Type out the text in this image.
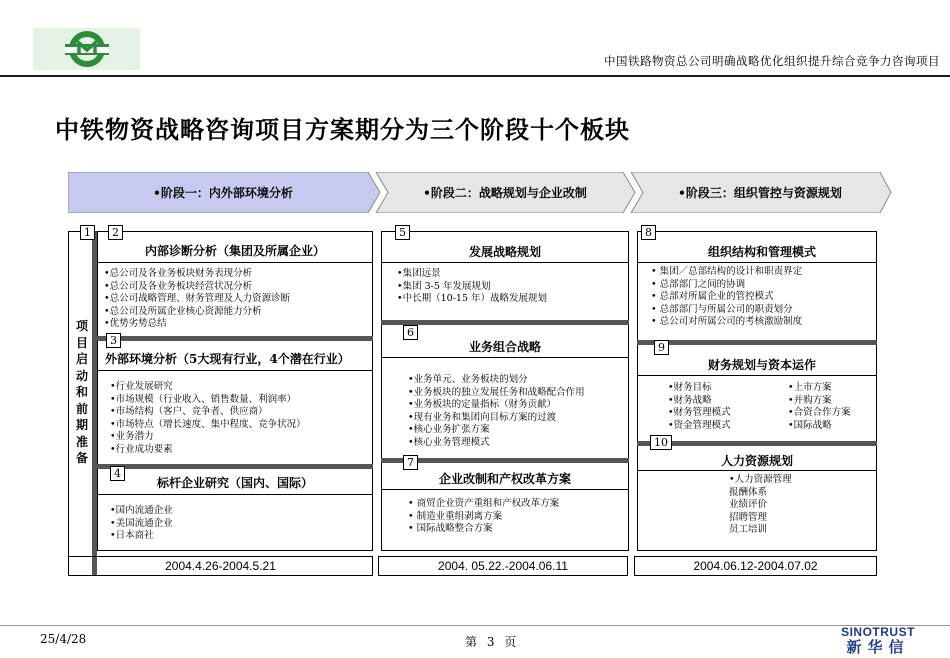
中国铁路物资总公司明确战略优化组织提升综合竞争力咨询项目
中铁物资战略咨询项目方案期分为三个阶段十个板块
•阶段一：内外部环境分析	•阶段二：战略规划与企业改制	•阶段三：组织管控与资源规划
1
项目启动和前期准备
2
内部诊断分析（集团及所属企业）
•总公司及各业务板块财务表现分析
•总公司及各业务板块经营状况分析
•总公司战略管理、财务管理及人力资源诊断
•总公司及所属企业核心资源能力分析
•优势劣势总结
3
外部环境分析（5大现有行业，4个潜在行业）
•行业发展研究
•市场规模（行业收入、销售数量、利润率）
•市场结构（客户、竞争者、供应商）
•市场特点（增长速度、集中程度、竞争状况）
•业务潜力
•行业成功要素
4
标杆企业研究（国内、国际）
•国内流通企业
•美国流通企业
•日本商社
2004.4.26-2004.5.21
5
发展战略规划
•集团远景
•集团 3-5 年发展规划
•中长期（10-15 年）战略发展规划
6
业务组合战略
•业务单元、业务板块的划分
•业务板块的独立发展任务和战略配合作用
•业务板块的定量指标（财务贡献）
•现有业务和集团向目标方案的过渡
•核心业务扩张方案
•核心业务管理模式
7
企业改制和产权改革方案
• 商贸企业资产重组和产权改革方案
• 制造业重组剥离方案
• 国际战略整合方案
2004. 05.22.-2004.06.11
8
组织结构和管理模式
• 集团／总部结构的设计和职责界定
• 总部部门之间的协调
• 总部对所属企业的管控模式
• 总部部门与所属公司的职责划分
• 总公司对所属公司的考核激励制度
9
财务规划与资本运作
•财务目标
•财务战略
•财务管理模式
•资金管理模式
•上市方案
•并购方案
•合资合作方案
•国际战略
10
人力资源规划
•人力资源管理
报酬体系
业绩评价
招聘管理
员工培训
2004.06.12-2004.07.02
25/4/28	第 3 页
SINOTRUST
新华信
